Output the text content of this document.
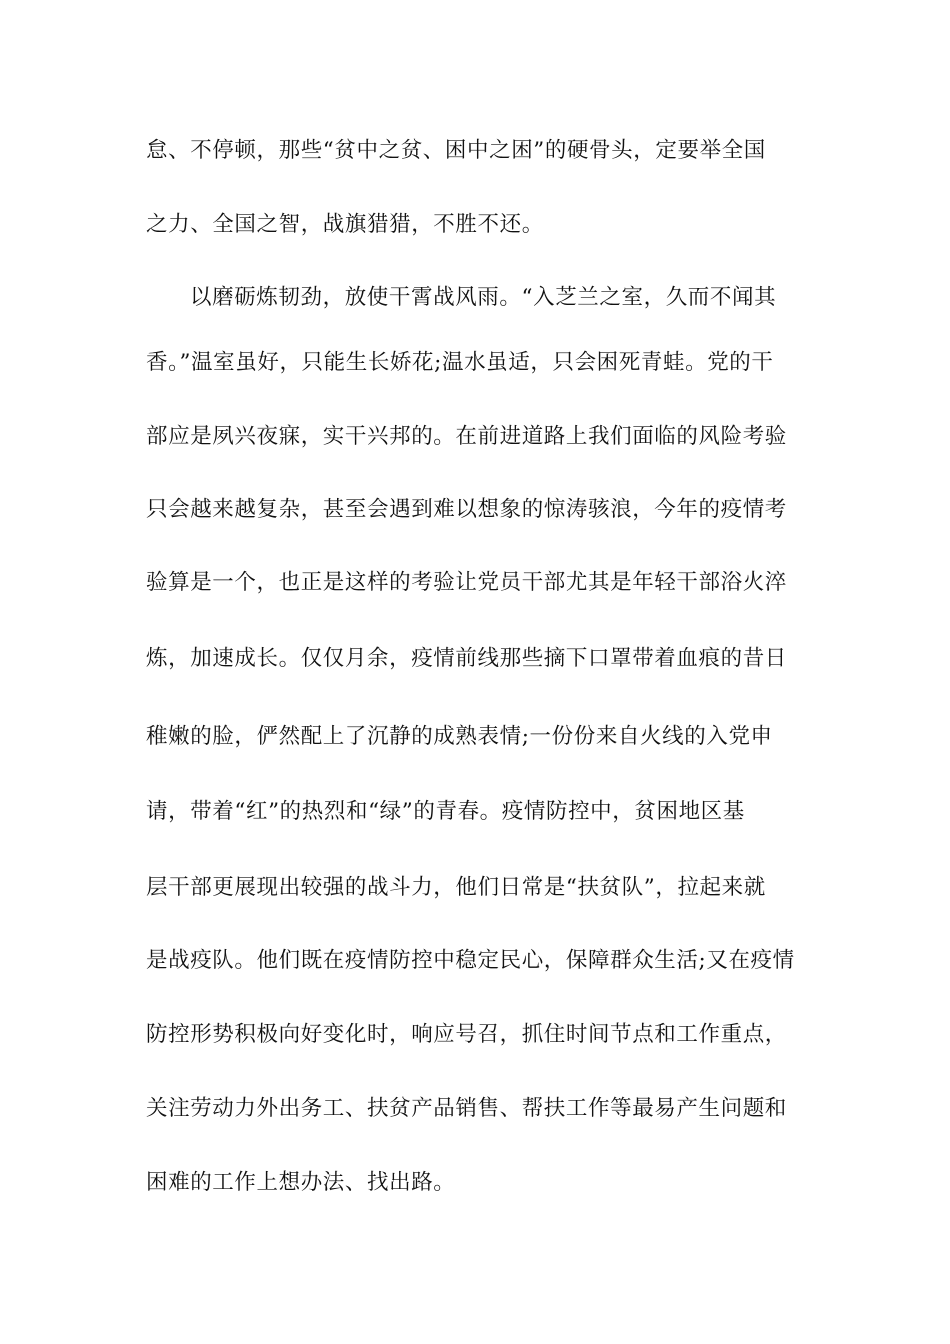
怠、不停顿，那些“贫中之贫、困中之困”的硬骨头，定要举全国
之力、全国之智，战旗猎猎，不胜不还。
以磨砺炼韧劲，放使干霄战风雨。“入芝兰之室，久而不闻其
香。”温室虽好，只能生长娇花;温水虽适，只会困死青蛙。党的干
部应是夙兴夜寐，实干兴邦的。在前进道路上我们面临的风险考验
只会越来越复杂，甚至会遇到难以想象的惊涛骇浪，今年的疫情考
验算是一个，也正是这样的考验让党员干部尤其是年轻干部浴火淬
炼，加速成长。仅仅月余，疫情前线那些摘下口罩带着血痕的昔日
稚嫩的脸，俨然配上了沉静的成熟表情;一份份来自火线的入党申
请，带着“红”的热烈和“绿”的青春。疫情防控中，贫困地区基
层干部更展现出较强的战斗力，他们日常是“扶贫队”，拉起来就
是战疫队。他们既在疫情防控中稳定民心，保障群众生活;又在疫情
防控形势积极向好变化时，响应号召，抓住时间节点和工作重点，
关注劳动力外出务工、扶贫产品销售、帮扶工作等最易产生问题和
困难的工作上想办法、找出路。
